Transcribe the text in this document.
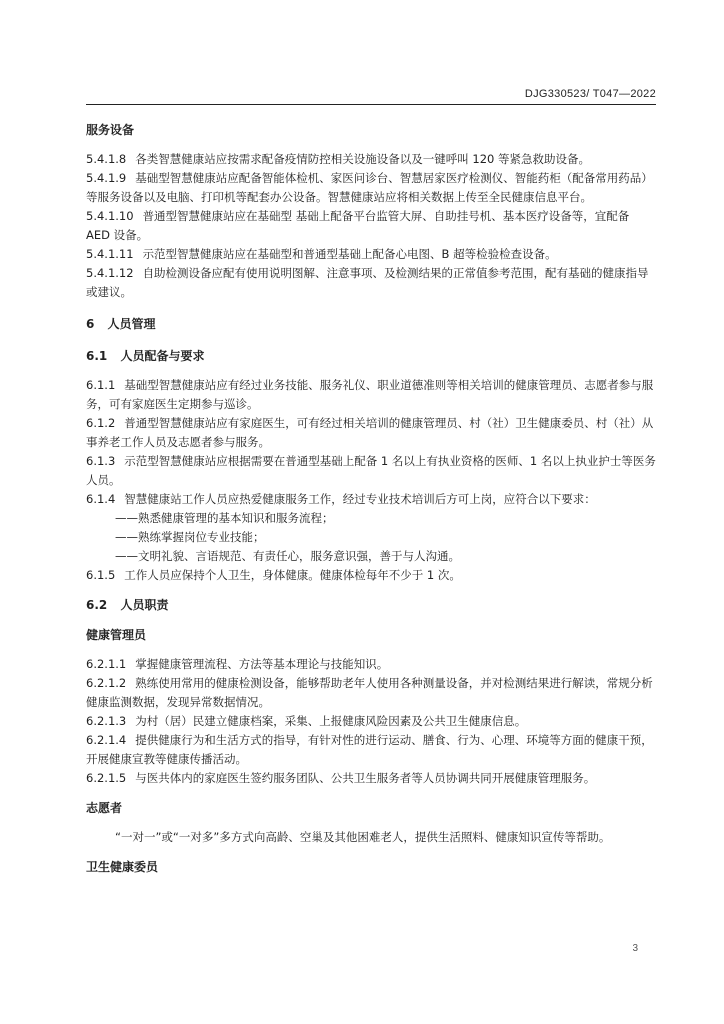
DJG330523/ T047—2022

服务设备

5.4.1.8 各类智慧健康站应按需求配备疫情防控相关设施设备以及一键呼叫 120 等紧急救助设备。

5.4.1.9 基础型智慧健康站应配备智能体检机、家医问诊台、智慧居家医疗检测仪、智能药柜（配备常用药品）等服务设备以及电脑、打印机等配套办公设备。智慧健康站应将相关数据上传至全民健康信息平台。

5.4.1.10 普通型智慧健康站应在基础型 基础上配备平台监管大屏、自助挂号机、基本医疗设备等，宜配备 AED 设备。

5.4.1.11 示范型智慧健康站应在基础型和普通型基础上配备心电图、B 超等检验检查设备。

5.4.1.12 自助检测设备应配有使用说明图解、注意事项、及检测结果的正常值参考范围，配有基础的健康指导或建议。

6 人员管理

6.1 人员配备与要求

6.1.1 基础型智慧健康站应有经过业务技能、服务礼仪、职业道德准则等相关培训的健康管理员、志愿者参与服务，可有家庭医生定期参与巡诊。

6.1.2 普通型智慧健康站应有家庭医生，可有经过相关培训的健康管理员、村（社）卫生健康委员、村（社）从事养老工作人员及志愿者参与服务。

6.1.3 示范型智慧健康站应根据需要在普通型基础上配备 1 名以上有执业资格的医师、1 名以上执业护士等医务人员。

6.1.4 智慧健康站工作人员应热爱健康服务工作，经过专业技术培训后方可上岗，应符合以下要求：

——熟悉健康管理的基本知识和服务流程；

——熟练掌握岗位专业技能；

——文明礼貌、言语规范、有责任心，服务意识强，善于与人沟通。

6.1.5 工作人员应保持个人卫生，身体健康。健康体检每年不少于 1 次。

6.2 人员职责

健康管理员

6.2.1.1 掌握健康管理流程、方法等基本理论与技能知识。

6.2.1.2 熟练使用常用的健康检测设备，能够帮助老年人使用各种测量设备，并对检测结果进行解读，常规分析健康监测数据，发现异常数据情况。

6.2.1.3 为村（居）民建立健康档案，采集、上报健康风险因素及公共卫生健康信息。

6.2.1.4 提供健康行为和生活方式的指导，有针对性的进行运动、膳食、行为、心理、环境等方面的健康干预，开展健康宣教等健康传播活动。

6.2.1.5 与医共体内的家庭医生签约服务团队、公共卫生服务者等人员协调共同开展健康管理服务。

志愿者

“一对一”或“一对多”多方式向高龄、空巢及其他困难老人，提供生活照料、健康知识宣传等帮助。

卫生健康委员

3
